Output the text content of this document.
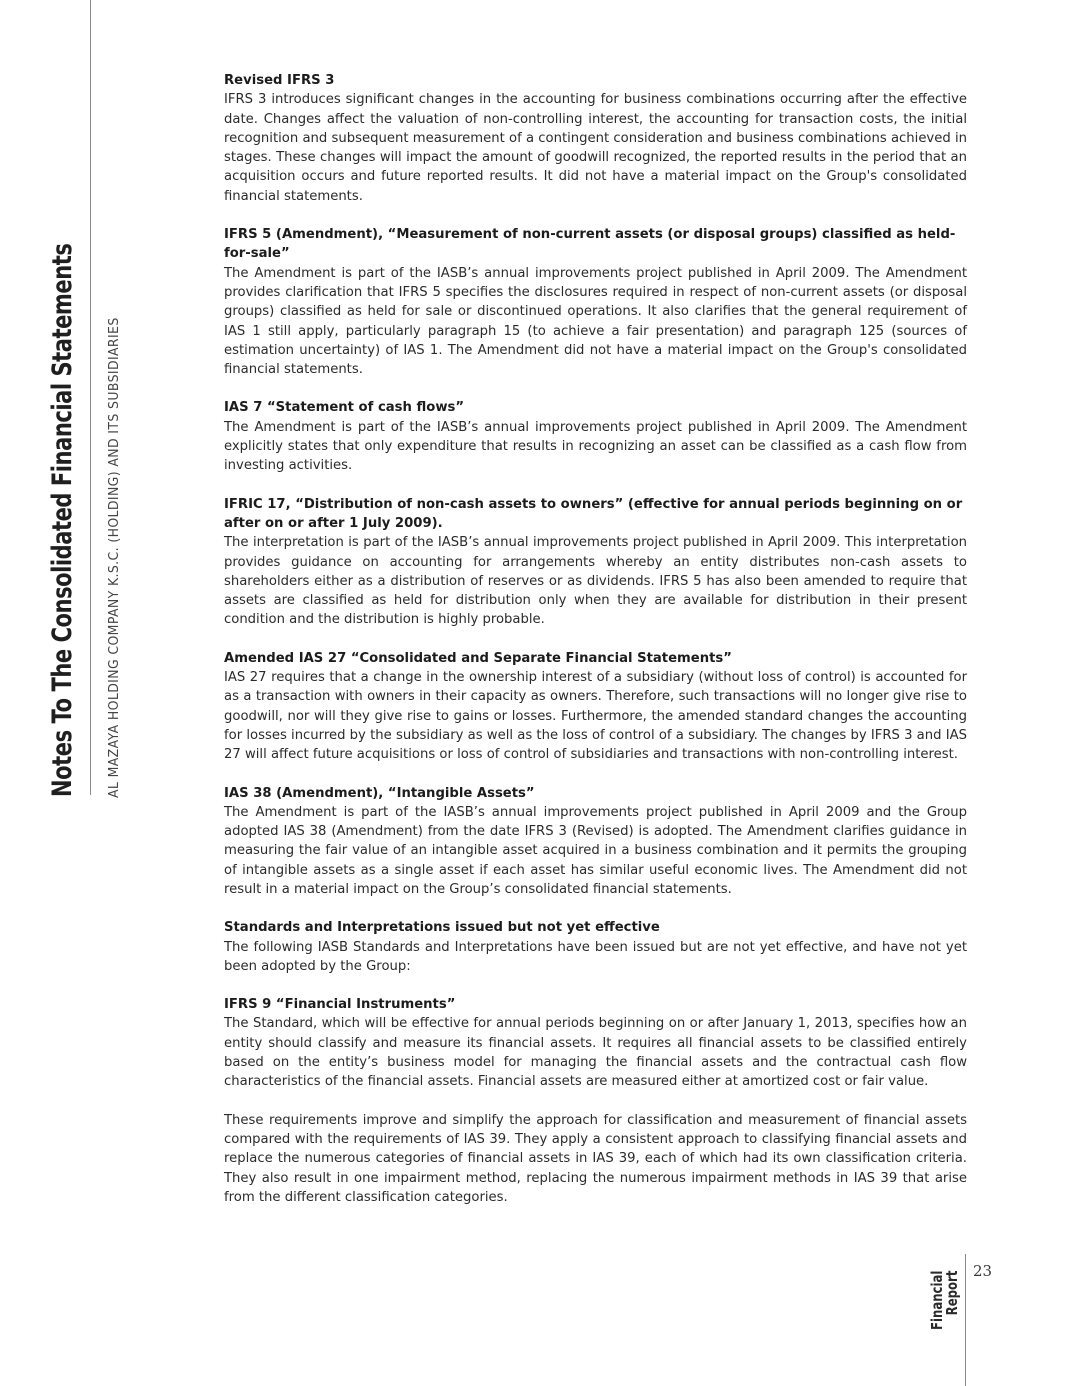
Notes To The Consolidated Financial Statements AL MAZAYA HOLDING COMPANY K.S.C. (HOLDING) AND ITS SUBSIDIARIES
Revised IFRS 3

IFRS 3 introduces significant changes in the accounting for business combinations occurring after the effective date. Changes affect the valuation of non-controlling interest, the accounting for transaction costs, the initial recognition and subsequent measurement of a contingent consideration and business combinations achieved in stages. These changes will impact the amount of goodwill recognized, the reported results in the period that an acquisition occurs and future reported results. It did not have a material impact on the Group's consolidated financial statements.

IFRS 5 (Amendment), “Measurement of non-current assets (or disposal groups) classified as held-for-sale”

The Amendment is part of the IASB’s annual improvements project published in April 2009. The Amendment provides clarification that IFRS 5 specifies the disclosures required in respect of non-current assets (or disposal groups) classified as held for sale or discontinued operations. It also clarifies that the general requirement of IAS 1 still apply, particularly paragraph 15 (to achieve a fair presentation) and paragraph 125 (sources of estimation uncertainty) of IAS 1. The Amendment did not have a material impact on the Group's consolidated financial statements.

IAS 7 “Statement of cash flows”

The Amendment is part of the IASB’s annual improvements project published in April 2009. The Amendment explicitly states that only expenditure that results in recognizing an asset can be classified as a cash flow from investing activities.

IFRIC 17, “Distribution of non-cash assets to owners” (effective for annual periods beginning on or after on or after 1 July 2009).

The interpretation is part of the IASB’s annual improvements project published in April 2009. This interpretation provides guidance on accounting for arrangements whereby an entity distributes non-cash assets to shareholders either as a distribution of reserves or as dividends. IFRS 5 has also been amended to require that assets are classified as held for distribution only when they are available for distribution in their present condition and the distribution is highly probable.

Amended IAS 27 “Consolidated and Separate Financial Statements”

IAS 27 requires that a change in the ownership interest of a subsidiary (without loss of control) is accounted for as a transaction with owners in their capacity as owners. Therefore, such transactions will no longer give rise to goodwill, nor will they give rise to gains or losses. Furthermore, the amended standard changes the accounting for losses incurred by the subsidiary as well as the loss of control of a subsidiary. The changes by IFRS 3 and IAS 27 will affect future acquisitions or loss of control of subsidiaries and transactions with non-controlling interest.

IAS 38 (Amendment), “Intangible Assets”

The Amendment is part of the IASB’s annual improvements project published in April 2009 and the Group adopted IAS 38 (Amendment) from the date IFRS 3 (Revised) is adopted. The Amendment clarifies guidance in measuring the fair value of an intangible asset acquired in a business combination and it permits the grouping of intangible assets as a single asset if each asset has similar useful economic lives. The Amendment did not result in a material impact on the Group’s consolidated financial statements.

Standards and Interpretations issued but not yet effective

The following IASB Standards and Interpretations have been issued but are not yet effective, and have not yet been adopted by the Group:

IFRS 9 “Financial Instruments”

The Standard, which will be effective for annual periods beginning on or after January 1, 2013, specifies how an entity should classify and measure its financial assets. It requires all financial assets to be classified entirely based on the entity’s business model for managing the financial assets and the contractual cash flow characteristics of the financial assets. Financial assets are measured either at amortized cost or fair value.

These requirements improve and simplify the approach for classification and measurement of financial assets compared with the requirements of IAS 39. They apply a consistent approach to classifying financial assets and replace the numerous categories of financial assets in IAS 39, each of which had its own classification criteria. They also result in one impairment method, replacing the numerous impairment methods in IAS 39 that arise from the different classification categories.

Financial
Report 23
